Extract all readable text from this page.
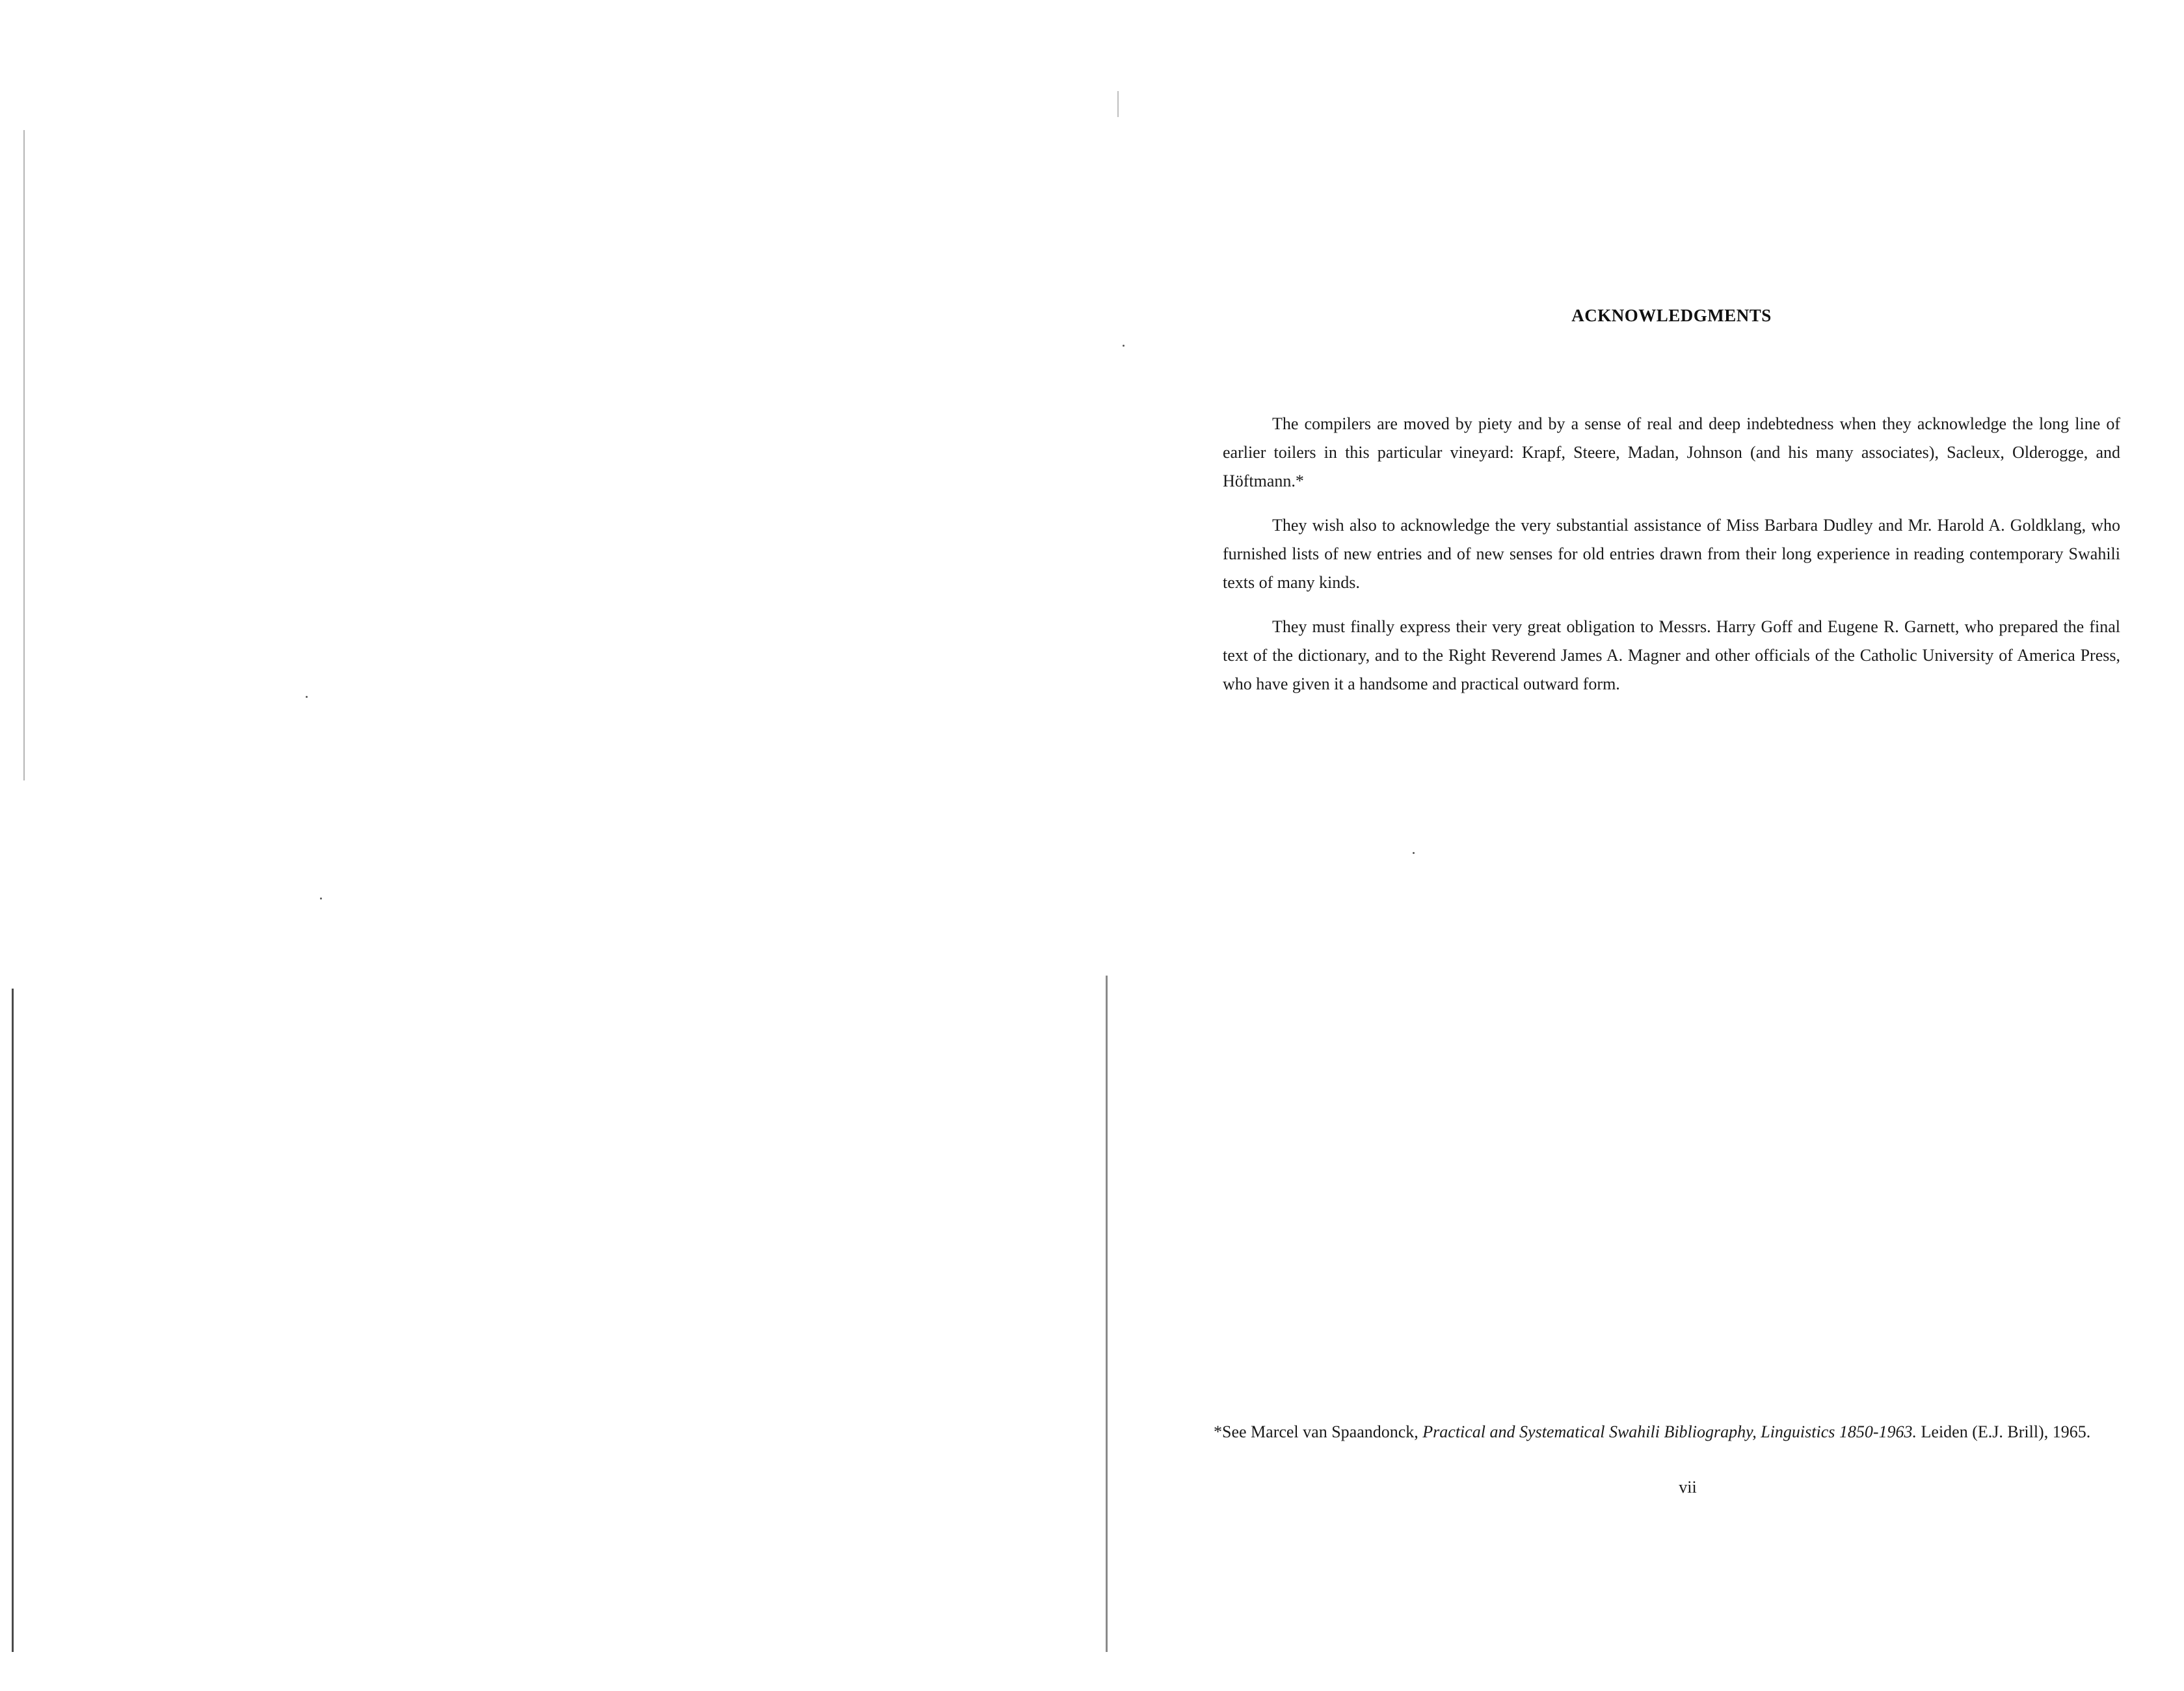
ACKNOWLEDGMENTS

The compilers are moved by piety and by a sense of real and deep indebtedness when they acknowledge the long line of earlier toilers in this particular vineyard: Krapf, Steere, Madan, Johnson (and his many associates), Sacleux, Olderogge, and Höftmann.*

They wish also to acknowledge the very substantial assistance of Miss Barbara Dudley and Mr. Harold A. Goldklang, who furnished lists of new entries and of new senses for old entries drawn from their long experience in reading contemporary Swahili texts of many kinds.

They must finally express their very great obligation to Messrs. Harry Goff and Eugene R. Garnett, who prepared the final text of the dictionary, and to the Right Reverend James A. Magner and other officials of the Catholic University of America Press, who have given it a handsome and practical outward form.

*See Marcel van Spaandonck, Practical and Systematical Swahili Bibliography, Linguistics 1850-1963. Leiden (E.J. Brill), 1965.
vii
